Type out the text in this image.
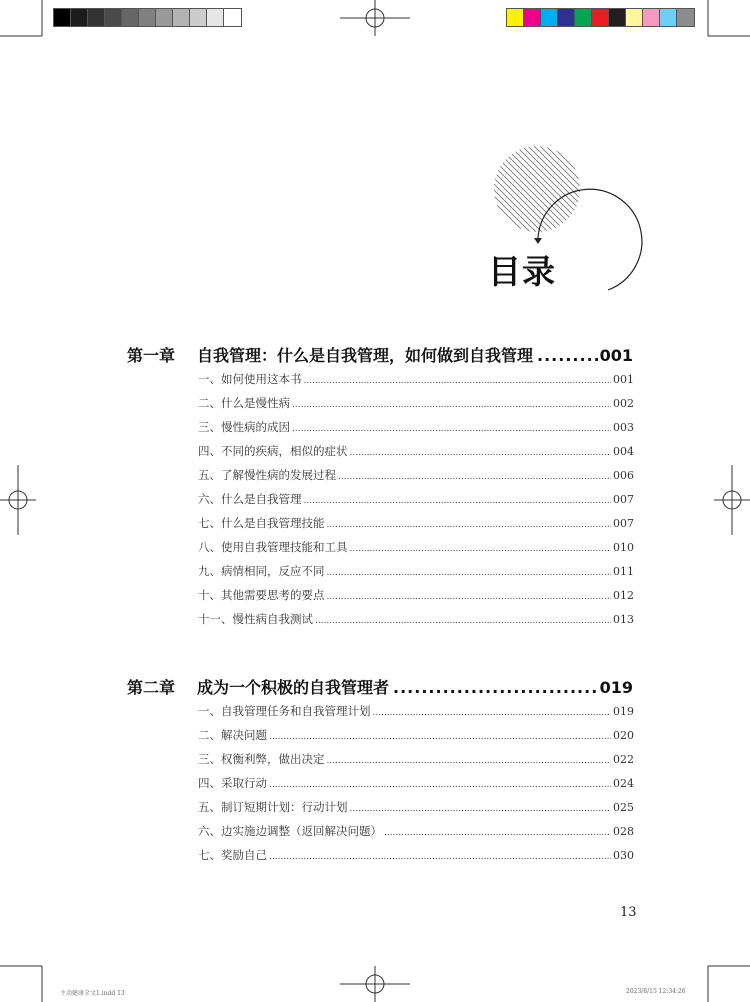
目录
第一章	自我管理：什么是自我管理，如何做到自我管理 .....	001
一、如何使用这本书 .....	001
二、什么是慢性病 .....	002
三、慢性病的成因 .....	003
四、不同的疾病，相似的症状 .....	004
五、了解慢性病的发展过程 .....	006
六、什么是自我管理 .....	007
七、什么是自我管理技能 .....	007
八、使用自我管理技能和工具 .....	010
九、病情相同，反应不同 .....	011
十、其他需要思考的要点 .....	012
十一、慢性病自我测试 .....	013
第二章	成为一个积极的自我管理者 .....	019
一、自我管理任务和自我管理计划 .....	019
二、解决问题 .....	020
三、权衡利弊，做出决定 .....	022
四、采取行动 .....	024
五、制订短期计划：行动计划 .....	025
六、边实施边调整（返回解决问题） .....	028
七、奖励自己 .....	030
13
主动健康全文1.indd 13	2023/8/15 12:34:26
